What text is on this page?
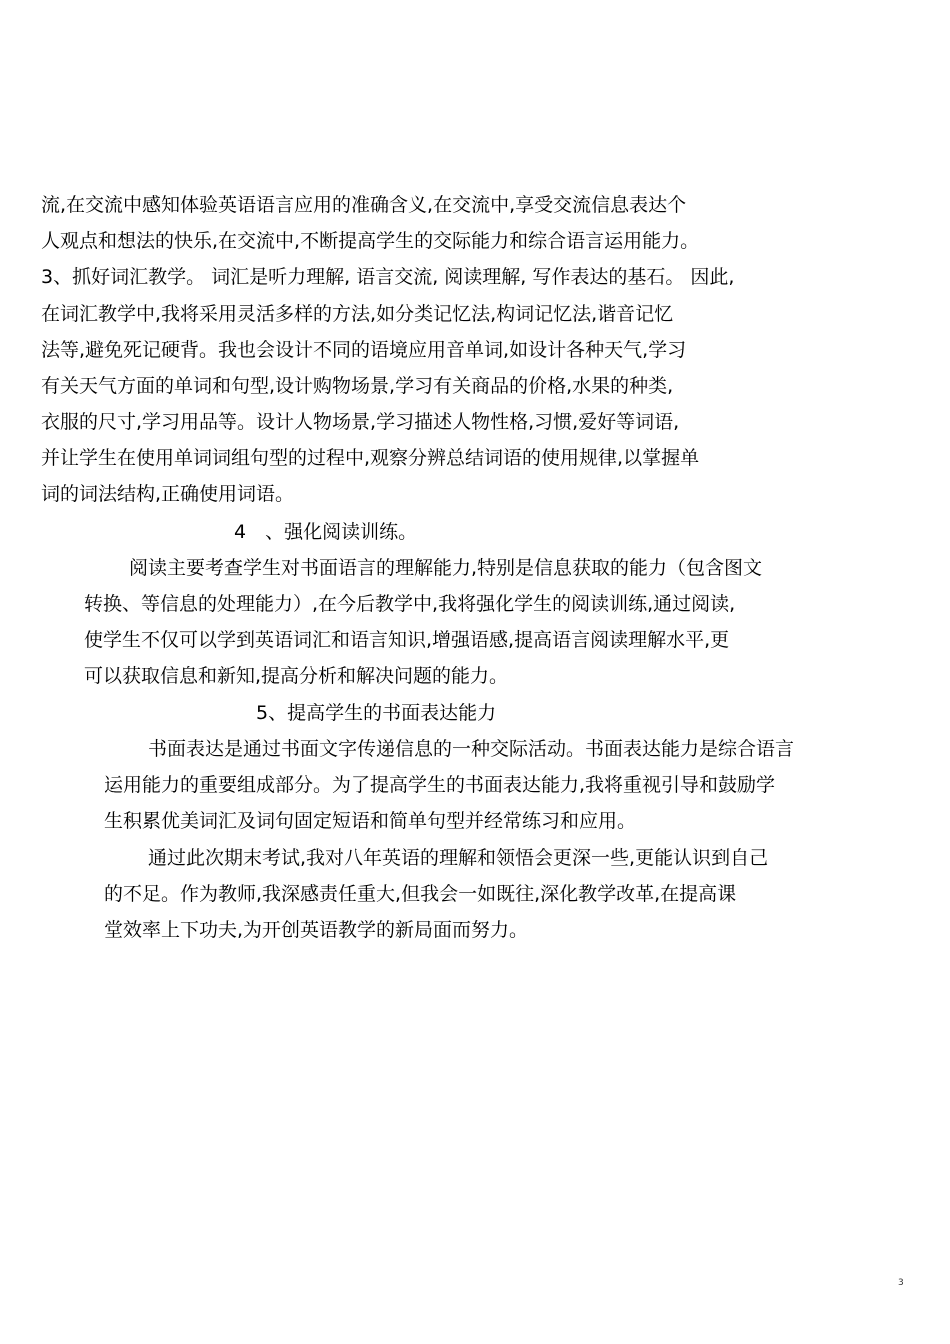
流,在交流中感知体验英语语言应用的准确含义,在交流中,享受交流信息表达个
人观点和想法的快乐,在交流中,不断提高学生的交际能力和综合语言运用能力。
3、抓好词汇教学。 词汇是听力理解, 语言交流, 阅读理解, 写作表达的基石。 因此,
在词汇教学中,我将采用灵活多样的方法,如分类记忆法,构词记忆法,谐音记忆
法等,避免死记硬背。我也会设计不同的语境应用音单词,如设计各种天气,学习
有关天气方面的单词和句型,设计购物场景,学习有关商品的价格,水果的种类,
衣服的尺寸,学习用品等。设计人物场景,学习描述人物性格,习惯,爱好等词语,
并让学生在使用单词词组句型的过程中,观察分辨总结词语的使用规律,以掌握单
词的词法结构,正确使用词语。
4　、强化阅读训练。
阅读主要考查学生对书面语言的理解能力,特别是信息获取的能力（包含图文
转换、等信息的处理能力）,在今后教学中,我将强化学生的阅读训练,通过阅读,
使学生不仅可以学到英语词汇和语言知识,增强语感,提高语言阅读理解水平,更
可以获取信息和新知,提高分析和解决问题的能力。
5、提高学生的书面表达能力
书面表达是通过书面文字传递信息的一种交际活动。书面表达能力是综合语言
运用能力的重要组成部分。为了提高学生的书面表达能力,我将重视引导和鼓励学
生积累优美词汇及词句固定短语和简单句型并经常练习和应用。
通过此次期末考试,我对八年英语的理解和领悟会更深一些,更能认识到自己
的不足。作为教师,我深感责任重大,但我会一如既往,深化教学改革,在提高课
堂效率上下功夫,为开创英语教学的新局面而努力。
3
